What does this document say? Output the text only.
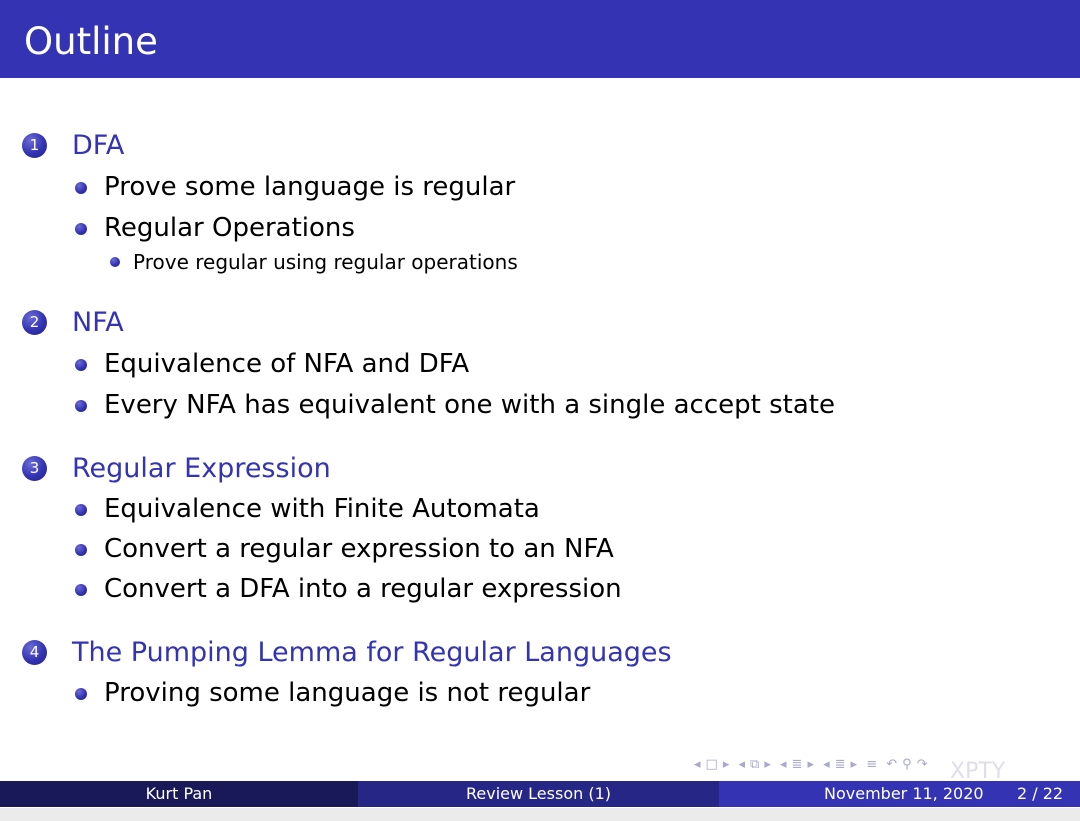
Outline
1 DFA
Prove some language is regular
Regular Operations
Prove regular using regular operations
2 NFA
Equivalence of NFA and DFA
Every NFA has equivalent one with a single accept state
3 Regular Expression
Equivalence with Finite Automata
Convert a regular expression to an NFA
Convert a DFA into a regular expression
4 The Pumping Lemma for Regular Languages
Proving some language is not regular
◂ □ ▸ ◂ ⧉ ▸ ◂ ≣ ▸ ◂ ≣ ▸ ≡ ↶ ⚲ ↷
Kurt Pan	Review Lesson (1)	November 11, 2020 2 / 22
XPTY
